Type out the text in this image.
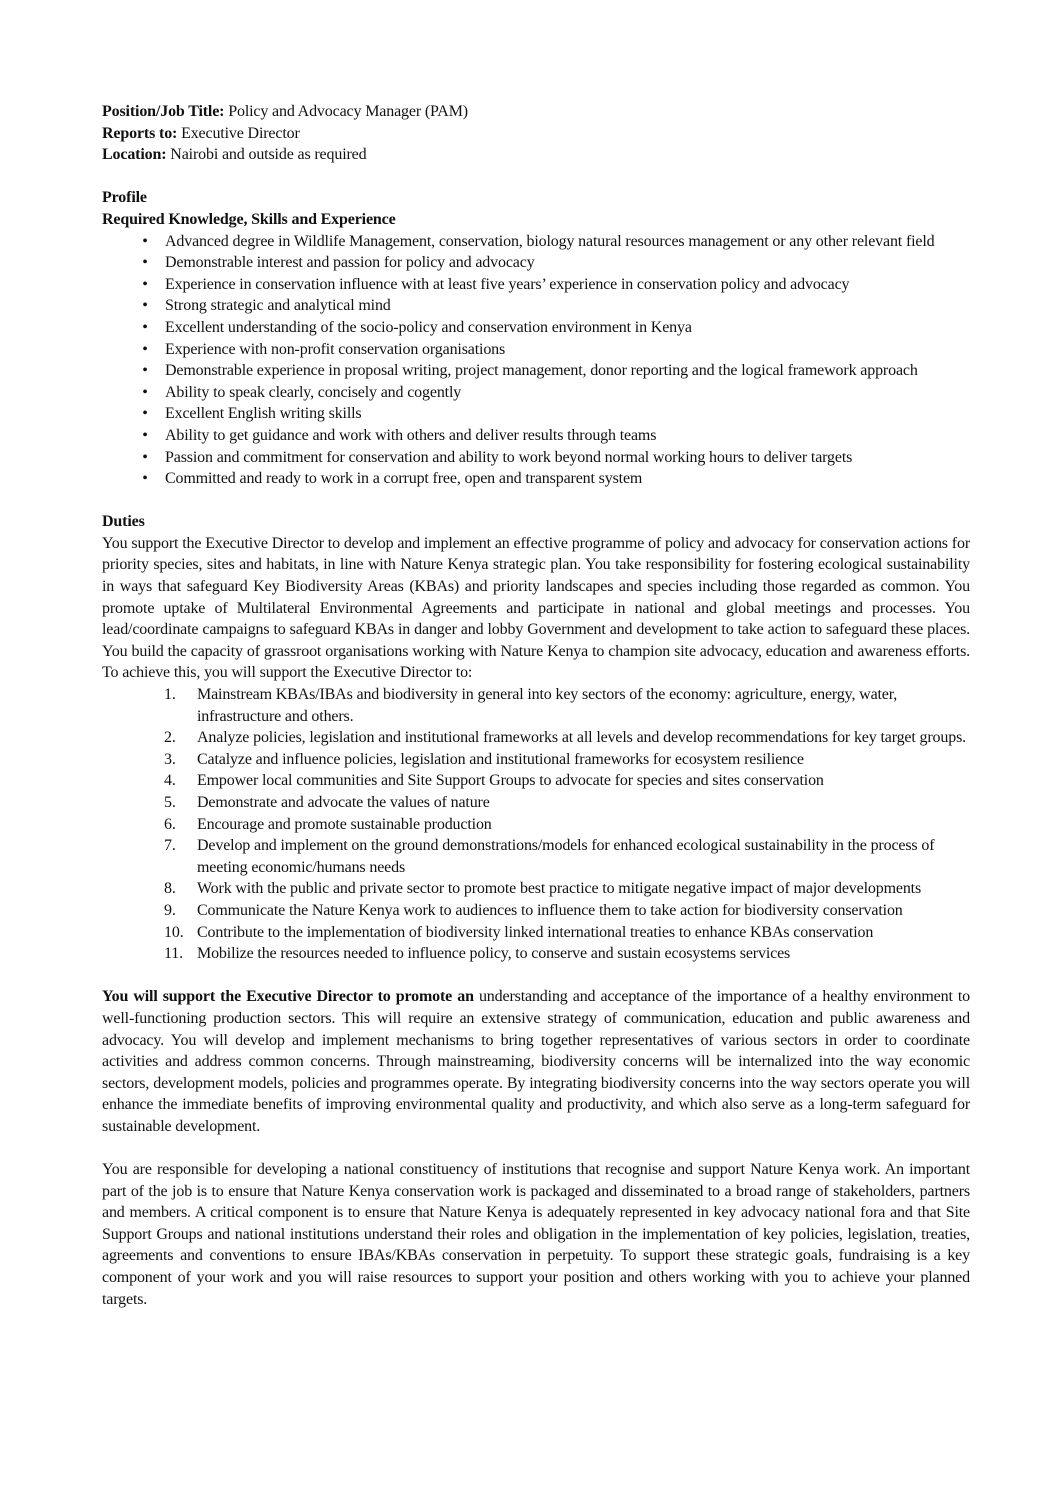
Position/Job Title: Policy and Advocacy Manager (PAM)

Reports to: Executive Director

Location: Nairobi and outside as required

Profile

Required Knowledge, Skills and Experience

• Advanced degree in Wildlife Management, conservation, biology natural resources management or any other relevant field
• Demonstrable interest and passion for policy and advocacy
• Experience in conservation influence with at least five years’ experience in conservation policy and advocacy
• Strong strategic and analytical mind
• Excellent understanding of the socio-policy and conservation environment in Kenya
• Experience with non-profit conservation organisations
• Demonstrable experience in proposal writing, project management, donor reporting and the logical framework approach
• Ability to speak clearly, concisely and cogently
• Excellent English writing skills
• Ability to get guidance and work with others and deliver results through teams
• Passion and commitment for conservation and ability to work beyond normal working hours to deliver targets
• Committed and ready to work in a corrupt free, open and transparent system

Duties

You support the Executive Director to develop and implement an effective programme of policy and advocacy for conservation actions for priority species, sites and habitats, in line with Nature Kenya strategic plan. You take responsibility for fostering ecological sustainability in ways that safeguard Key Biodiversity Areas (KBAs) and priority landscapes and species including those regarded as common. You promote uptake of Multilateral Environmental Agreements and participate in national and global meetings and processes. You lead/coordinate campaigns to safeguard KBAs in danger and lobby Government and development to take action to safeguard these places. You build the capacity of grassroot organisations working with Nature Kenya to champion site advocacy, education and awareness efforts. To achieve this, you will support the Executive Director to:

1.	Mainstream KBAs/IBAs and biodiversity in general into key sectors of the economy: agriculture, energy, water, infrastructure and others.
2.	Analyze policies, legislation and institutional frameworks at all levels and develop recommendations for key target groups.
3.	Catalyze and influence policies, legislation and institutional frameworks for ecosystem resilience
4.	Empower local communities and Site Support Groups to advocate for species and sites conservation
5.	Demonstrate and advocate the values of nature
6.	Encourage and promote sustainable production
7.	Develop and implement on the ground demonstrations/models for enhanced ecological sustainability in the process of meeting economic/humans needs
8.	Work with the public and private sector to promote best practice to mitigate negative impact of major developments
9.	Communicate the Nature Kenya work to audiences to influence them to take action for biodiversity conservation
10. Contribute to the implementation of biodiversity linked international treaties to enhance KBAs conservation
11. Mobilize the resources needed to influence policy, to conserve and sustain ecosystems services

You will support the Executive Director to promote an understanding and acceptance of the importance of a healthy environment to well-functioning production sectors. This will require an extensive strategy of communication, education and public awareness and advocacy. You will develop and implement mechanisms to bring together representatives of various sectors in order to coordinate activities and address common concerns. Through mainstreaming, biodiversity concerns will be internalized into the way economic sectors, development models, policies and programmes operate. By integrating biodiversity concerns into the way sectors operate you will enhance the immediate benefits of improving environmental quality and productivity, and which also serve as a long-term safeguard for sustainable development.

You are responsible for developing a national constituency of institutions that recognise and support Nature Kenya work. An important part of the job is to ensure that Nature Kenya conservation work is packaged and disseminated to a broad range of stakeholders, partners and members. A critical component is to ensure that Nature Kenya is adequately represented in key advocacy national fora and that Site Support Groups and national institutions understand their roles and obligation in the implementation of key policies, legislation, treaties, agreements and conventions to ensure IBAs/KBAs conservation in perpetuity. To support these strategic goals, fundraising is a key component of your work and you will raise resources to support your position and others working with you to achieve your planned targets.
